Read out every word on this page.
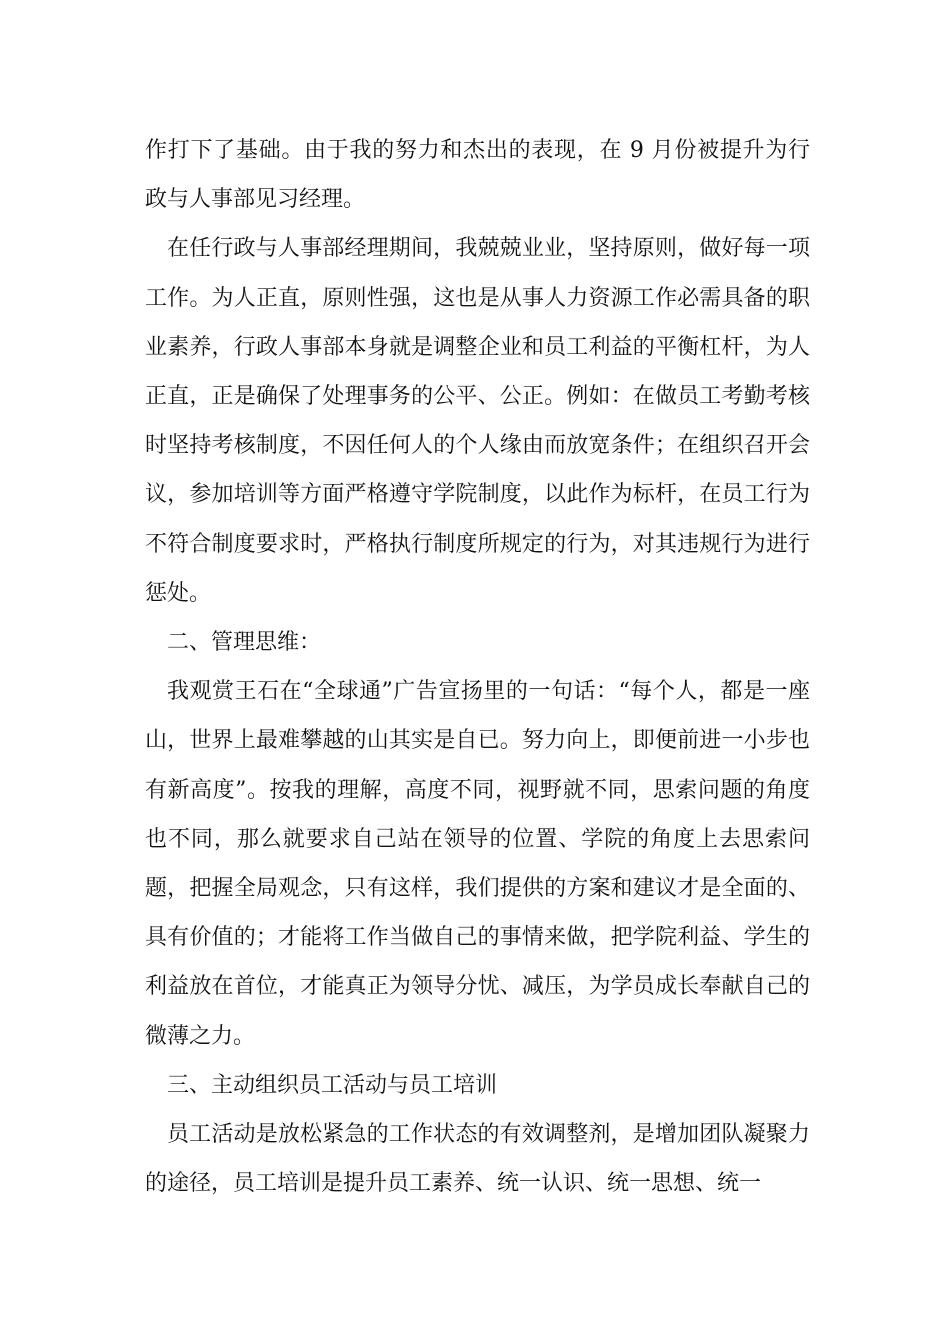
作打下了基础。由于我的努力和杰出的表现，在 9 月份被提升为行政与人事部见习经理。

在任行政与人事部经理期间，我兢兢业业，坚持原则，做好每一项工作。为人正直，原则性强，这也是从事人力资源工作必需具备的职业素养，行政人事部本身就是调整企业和员工利益的平衡杠杆，为人正直，正是确保了处理事务的公平、公正。例如：在做员工考勤考核时坚持考核制度，不因任何人的个人缘由而放宽条件；在组织召开会议，参加培训等方面严格遵守学院制度，以此作为标杆，在员工行为不符合制度要求时，严格执行制度所规定的行为，对其违规行为进行惩处。

二、管理思维：

我观赏王石在“全球通”广告宣扬里的一句话：“每个人，都是一座山，世界上最难攀越的山其实是自已。努力向上，即便前进一小步也有新高度”。按我的理解，高度不同，视野就不同，思索问题的角度也不同，那么就要求自己站在领导的位置、学院的角度上去思索问题，把握全局观念，只有这样，我们提供的方案和建议才是全面的、具有价值的；才能将工作当做自己的事情来做，把学院利益、学生的利益放在首位，才能真正为领导分忧、减压，为学员成长奉献自己的微薄之力。

三、主动组织员工活动与员工培训

员工活动是放松紧急的工作状态的有效调整剂，是增加团队凝聚力的途径，员工培训是提升员工素养、统一认识、统一思想、统一
